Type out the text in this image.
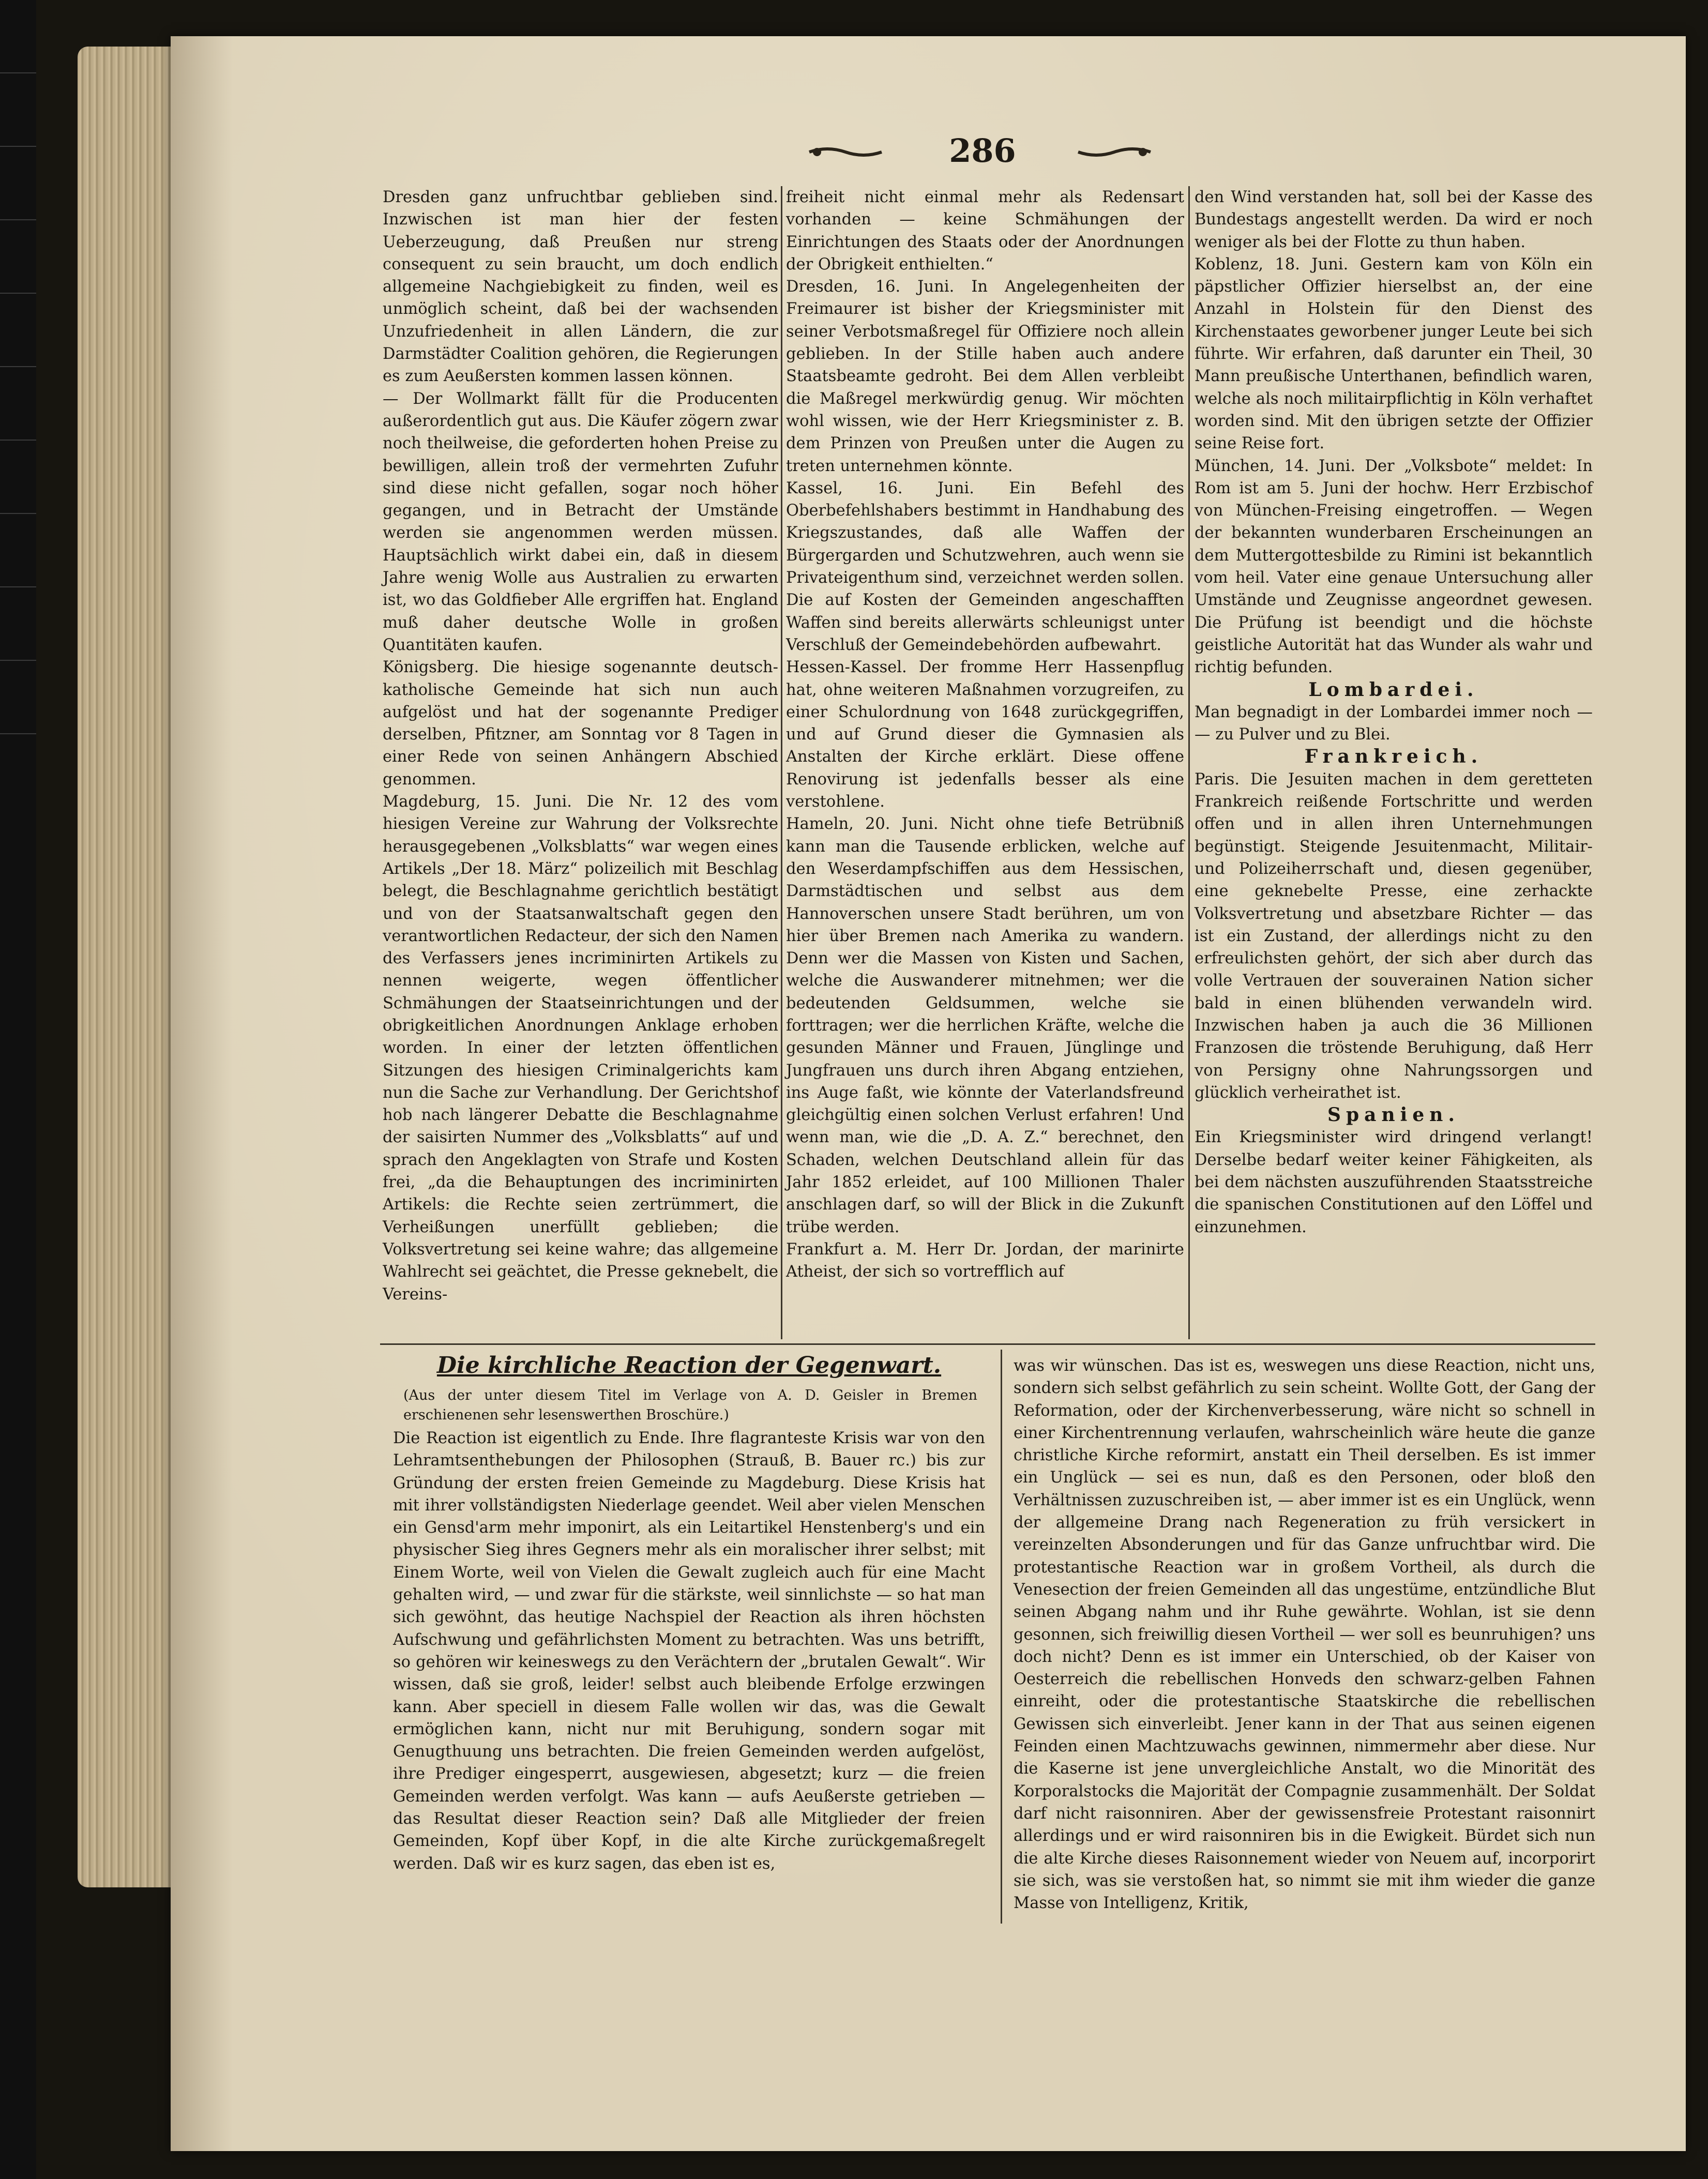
286

Dresden ganz unfruchtbar geblieben sind. Inzwischen ist man hier der festen Ueberzeugung, daß Preußen nur streng consequent zu sein braucht, um doch endlich allgemeine Nachgiebigkeit zu finden, weil es unmöglich scheint, daß bei der wachsenden Unzufriedenheit in allen Ländern, die zur Darmstädter Coalition gehören, die Regierungen es zum Aeußersten kommen lassen können.

— Der Wollmarkt fällt für die Producenten außerordentlich gut aus. Die Käufer zögern zwar noch theilweise, die geforderten hohen Preise zu bewilligen, allein troß der vermehrten Zufuhr sind diese nicht gefallen, sogar noch höher gegangen, und in Betracht der Umstände werden sie angenommen werden müssen. Hauptsächlich wirkt dabei ein, daß in diesem Jahre wenig Wolle aus Australien zu erwarten ist, wo das Goldfieber Alle ergriffen hat. England muß daher deutsche Wolle in großen Quantitäten kaufen.

Königsberg. Die hiesige sogenannte deutsch-katholische Gemeinde hat sich nun auch aufgelöst und hat der sogenannte Prediger derselben, Pfitzner, am Sonntag vor 8 Tagen in einer Rede von seinen Anhängern Abschied genommen.

Magdeburg, 15. Juni. Die Nr. 12 des vom hiesigen Vereine zur Wahrung der Volksrechte herausgegebenen „Volksblatts“ war wegen eines Artikels „Der 18. März“ polizeilich mit Beschlag belegt, die Beschlagnahme gerichtlich bestätigt und von der Staatsanwaltschaft gegen den verantwortlichen Redacteur, der sich den Namen des Verfassers jenes incriminirten Artikels zu nennen weigerte, wegen öffentlicher Schmähungen der Staatseinrichtungen und der obrigkeitlichen Anordnungen Anklage erhoben worden. In einer der letzten öffentlichen Sitzungen des hiesigen Criminalgerichts kam nun die Sache zur Verhandlung. Der Gerichtshof hob nach längerer Debatte die Beschlagnahme der saisirten Nummer des „Volksblatts“ auf und sprach den Angeklagten von Strafe und Kosten frei, „da die Behauptungen des incriminirten Artikels: die Rechte seien zertrümmert, die Verheißungen unerfüllt geblieben; die Volksvertretung sei keine wahre; das allgemeine Wahlrecht sei geächtet, die Presse geknebelt, die Vereins-

freiheit nicht einmal mehr als Redensart vorhanden — keine Schmähungen der Einrichtungen des Staats oder der Anordnungen der Obrigkeit enthielten.“

Dresden, 16. Juni. In Angelegenheiten der Freimaurer ist bisher der Kriegsminister mit seiner Verbotsmaßregel für Offiziere noch allein geblieben. In der Stille haben auch andere Staatsbeamte gedroht. Bei dem Allen verbleibt die Maßregel merkwürdig genug. Wir möchten wohl wissen, wie der Herr Kriegsminister z. B. dem Prinzen von Preußen unter die Augen zu treten unternehmen könnte.

Kassel, 16. Juni. Ein Befehl des Oberbefehlshabers bestimmt in Handhabung des Kriegszustandes, daß alle Waffen der Bürgergarden und Schutzwehren, auch wenn sie Privateigenthum sind, verzeichnet werden sollen. Die auf Kosten der Gemeinden angeschafften Waffen sind bereits allerwärts schleunigst unter Verschluß der Gemeindebehörden aufbewahrt.

Hessen-Kassel. Der fromme Herr Hassenpflug hat, ohne weiteren Maßnahmen vorzugreifen, zu einer Schulordnung von 1648 zurückgegriffen, und auf Grund dieser die Gymnasien als Anstalten der Kirche erklärt. Diese offene Renovirung ist jedenfalls besser als eine verstohlene.

Hameln, 20. Juni. Nicht ohne tiefe Betrübniß kann man die Tausende erblicken, welche auf den Weserdampfschiffen aus dem Hessischen, Darmstädtischen und selbst aus dem Hannoverschen unsere Stadt berühren, um von hier über Bremen nach Amerika zu wandern. Denn wer die Massen von Kisten und Sachen, welche die Auswanderer mitnehmen; wer die bedeutenden Geldsummen, welche sie forttragen; wer die herrlichen Kräfte, welche die gesunden Männer und Frauen, Jünglinge und Jungfrauen uns durch ihren Abgang entziehen, ins Auge faßt, wie könnte der Vaterlandsfreund gleichgültig einen solchen Verlust erfahren! Und wenn man, wie die „D. A. Z.“ berechnet, den Schaden, welchen Deutschland allein für das Jahr 1852 erleidet, auf 100 Millionen Thaler anschlagen darf, so will der Blick in die Zukunft trübe werden.

Frankfurt a. M. Herr Dr. Jordan, der marinirte Atheist, der sich so vortrefflich auf

den Wind verstanden hat, soll bei der Kasse des Bundestags angestellt werden. Da wird er noch weniger als bei der Flotte zu thun haben.

Koblenz, 18. Juni. Gestern kam von Köln ein päpstlicher Offizier hierselbst an, der eine Anzahl in Holstein für den Dienst des Kirchenstaates geworbener junger Leute bei sich führte. Wir erfahren, daß darunter ein Theil, 30 Mann preußische Unterthanen, befindlich waren, welche als noch militairpflichtig in Köln verhaftet worden sind. Mit den übrigen setzte der Offizier seine Reise fort.

München, 14. Juni. Der „Volksbote“ meldet: In Rom ist am 5. Juni der hochw. Herr Erzbischof von München-Freising eingetroffen. — Wegen der bekannten wunderbaren Erscheinungen an dem Muttergottesbilde zu Rimini ist bekanntlich vom heil. Vater eine genaue Untersuchung aller Umstände und Zeugnisse angeordnet gewesen. Die Prüfung ist beendigt und die höchste geistliche Autorität hat das Wunder als wahr und richtig befunden.

Lombardei.

Man begnadigt in der Lombardei immer noch — — zu Pulver und zu Blei.

Frankreich.

Paris. Die Jesuiten machen in dem geretteten Frankreich reißende Fortschritte und werden offen und in allen ihren Unternehmungen begünstigt. Steigende Jesuitenmacht, Militair- und Polizeiherrschaft und, diesen gegenüber, eine geknebelte Presse, eine zerhackte Volksvertretung und absetzbare Richter — das ist ein Zustand, der allerdings nicht zu den erfreulichsten gehört, der sich aber durch das volle Vertrauen der souverainen Nation sicher bald in einen blühenden verwandeln wird. Inzwischen haben ja auch die 36 Millionen Franzosen die tröstende Beruhigung, daß Herr von Persigny ohne Nahrungssorgen und glücklich verheirathet ist.

Spanien.

Ein Kriegsminister wird dringend verlangt! Derselbe bedarf weiter keiner Fähigkeiten, als bei dem nächsten auszuführenden Staatsstreiche die spanischen Constitutionen auf den Löffel und einzunehmen.

Die kirchliche Reaction der Gegenwart.
(Aus der unter diesem Titel im Verlage von A. D. Geisler in Bremen erschienenen sehr lesenswerthen Broschüre.)

Die Reaction ist eigentlich zu Ende. Ihre flagranteste Krisis war von den Lehramtsenthebungen der Philosophen (Strauß, B. Bauer rc.) bis zur Gründung der ersten freien Gemeinde zu Magdeburg. Diese Krisis hat mit ihrer vollständigsten Niederlage geendet. Weil aber vielen Menschen ein Gensd'arm mehr imponirt, als ein Leitartikel Henstenberg's und ein physischer Sieg ihres Gegners mehr als ein moralischer ihrer selbst; mit Einem Worte, weil von Vielen die Gewalt zugleich auch für eine Macht gehalten wird, — und zwar für die stärkste, weil sinnlichste — so hat man sich gewöhnt, das heutige Nachspiel der Reaction als ihren höchsten Aufschwung und gefährlichsten Moment zu betrachten. Was uns betrifft, so gehören wir keineswegs zu den Verächtern der „brutalen Gewalt“. Wir wissen, daß sie groß, leider! selbst auch bleibende Erfolge erzwingen kann. Aber speciell in diesem Falle wollen wir das, was die Gewalt ermöglichen kann, nicht nur mit Beruhigung, sondern sogar mit Genugthuung uns betrachten. Die freien Gemeinden werden aufgelöst, ihre Prediger eingesperrt, ausgewiesen, abgesetzt; kurz — die freien Gemeinden werden verfolgt. Was kann — aufs Aeußerste getrieben — das Resultat dieser Reaction sein? Daß alle Mitglieder der freien Gemeinden, Kopf über Kopf, in die alte Kirche zurückgemaßregelt werden. Daß wir es kurz sagen, das eben ist es,

was wir wünschen. Das ist es, weswegen uns diese Reaction, nicht uns, sondern sich selbst gefährlich zu sein scheint. Wollte Gott, der Gang der Reformation, oder der Kirchenverbesserung, wäre nicht so schnell in einer Kirchentrennung verlaufen, wahrscheinlich wäre heute die ganze christliche Kirche reformirt, anstatt ein Theil derselben. Es ist immer ein Unglück — sei es nun, daß es den Personen, oder bloß den Verhältnissen zuzuschreiben ist, — aber immer ist es ein Unglück, wenn der allgemeine Drang nach Regeneration zu früh versickert in vereinzelten Absonderungen und für das Ganze unfruchtbar wird. Die protestantische Reaction war in großem Vortheil, als durch die Venesection der freien Gemeinden all das ungestüme, entzündliche Blut seinen Abgang nahm und ihr Ruhe gewährte. Wohlan, ist sie denn gesonnen, sich freiwillig diesen Vortheil — wer soll es beunruhigen? uns doch nicht? Denn es ist immer ein Unterschied, ob der Kaiser von Oesterreich die rebellischen Honveds den schwarz-gelben Fahnen einreiht, oder die protestantische Staatskirche die rebellischen Gewissen sich einverleibt. Jener kann in der That aus seinen eigenen Feinden einen Machtzuwachs gewinnen, nimmermehr aber diese. Nur die Kaserne ist jene unvergleichliche Anstalt, wo die Minorität des Korporalstocks die Majorität der Compagnie zusammenhält. Der Soldat darf nicht raisonniren. Aber der gewissensfreie Protestant raisonnirt allerdings und er wird raisonniren bis in die Ewigkeit. Bürdet sich nun die alte Kirche dieses Raisonnement wieder von Neuem auf, incorporirt sie sich, was sie verstoßen hat, so nimmt sie mit ihm wieder die ganze Masse von Intelligenz, Kritik,
